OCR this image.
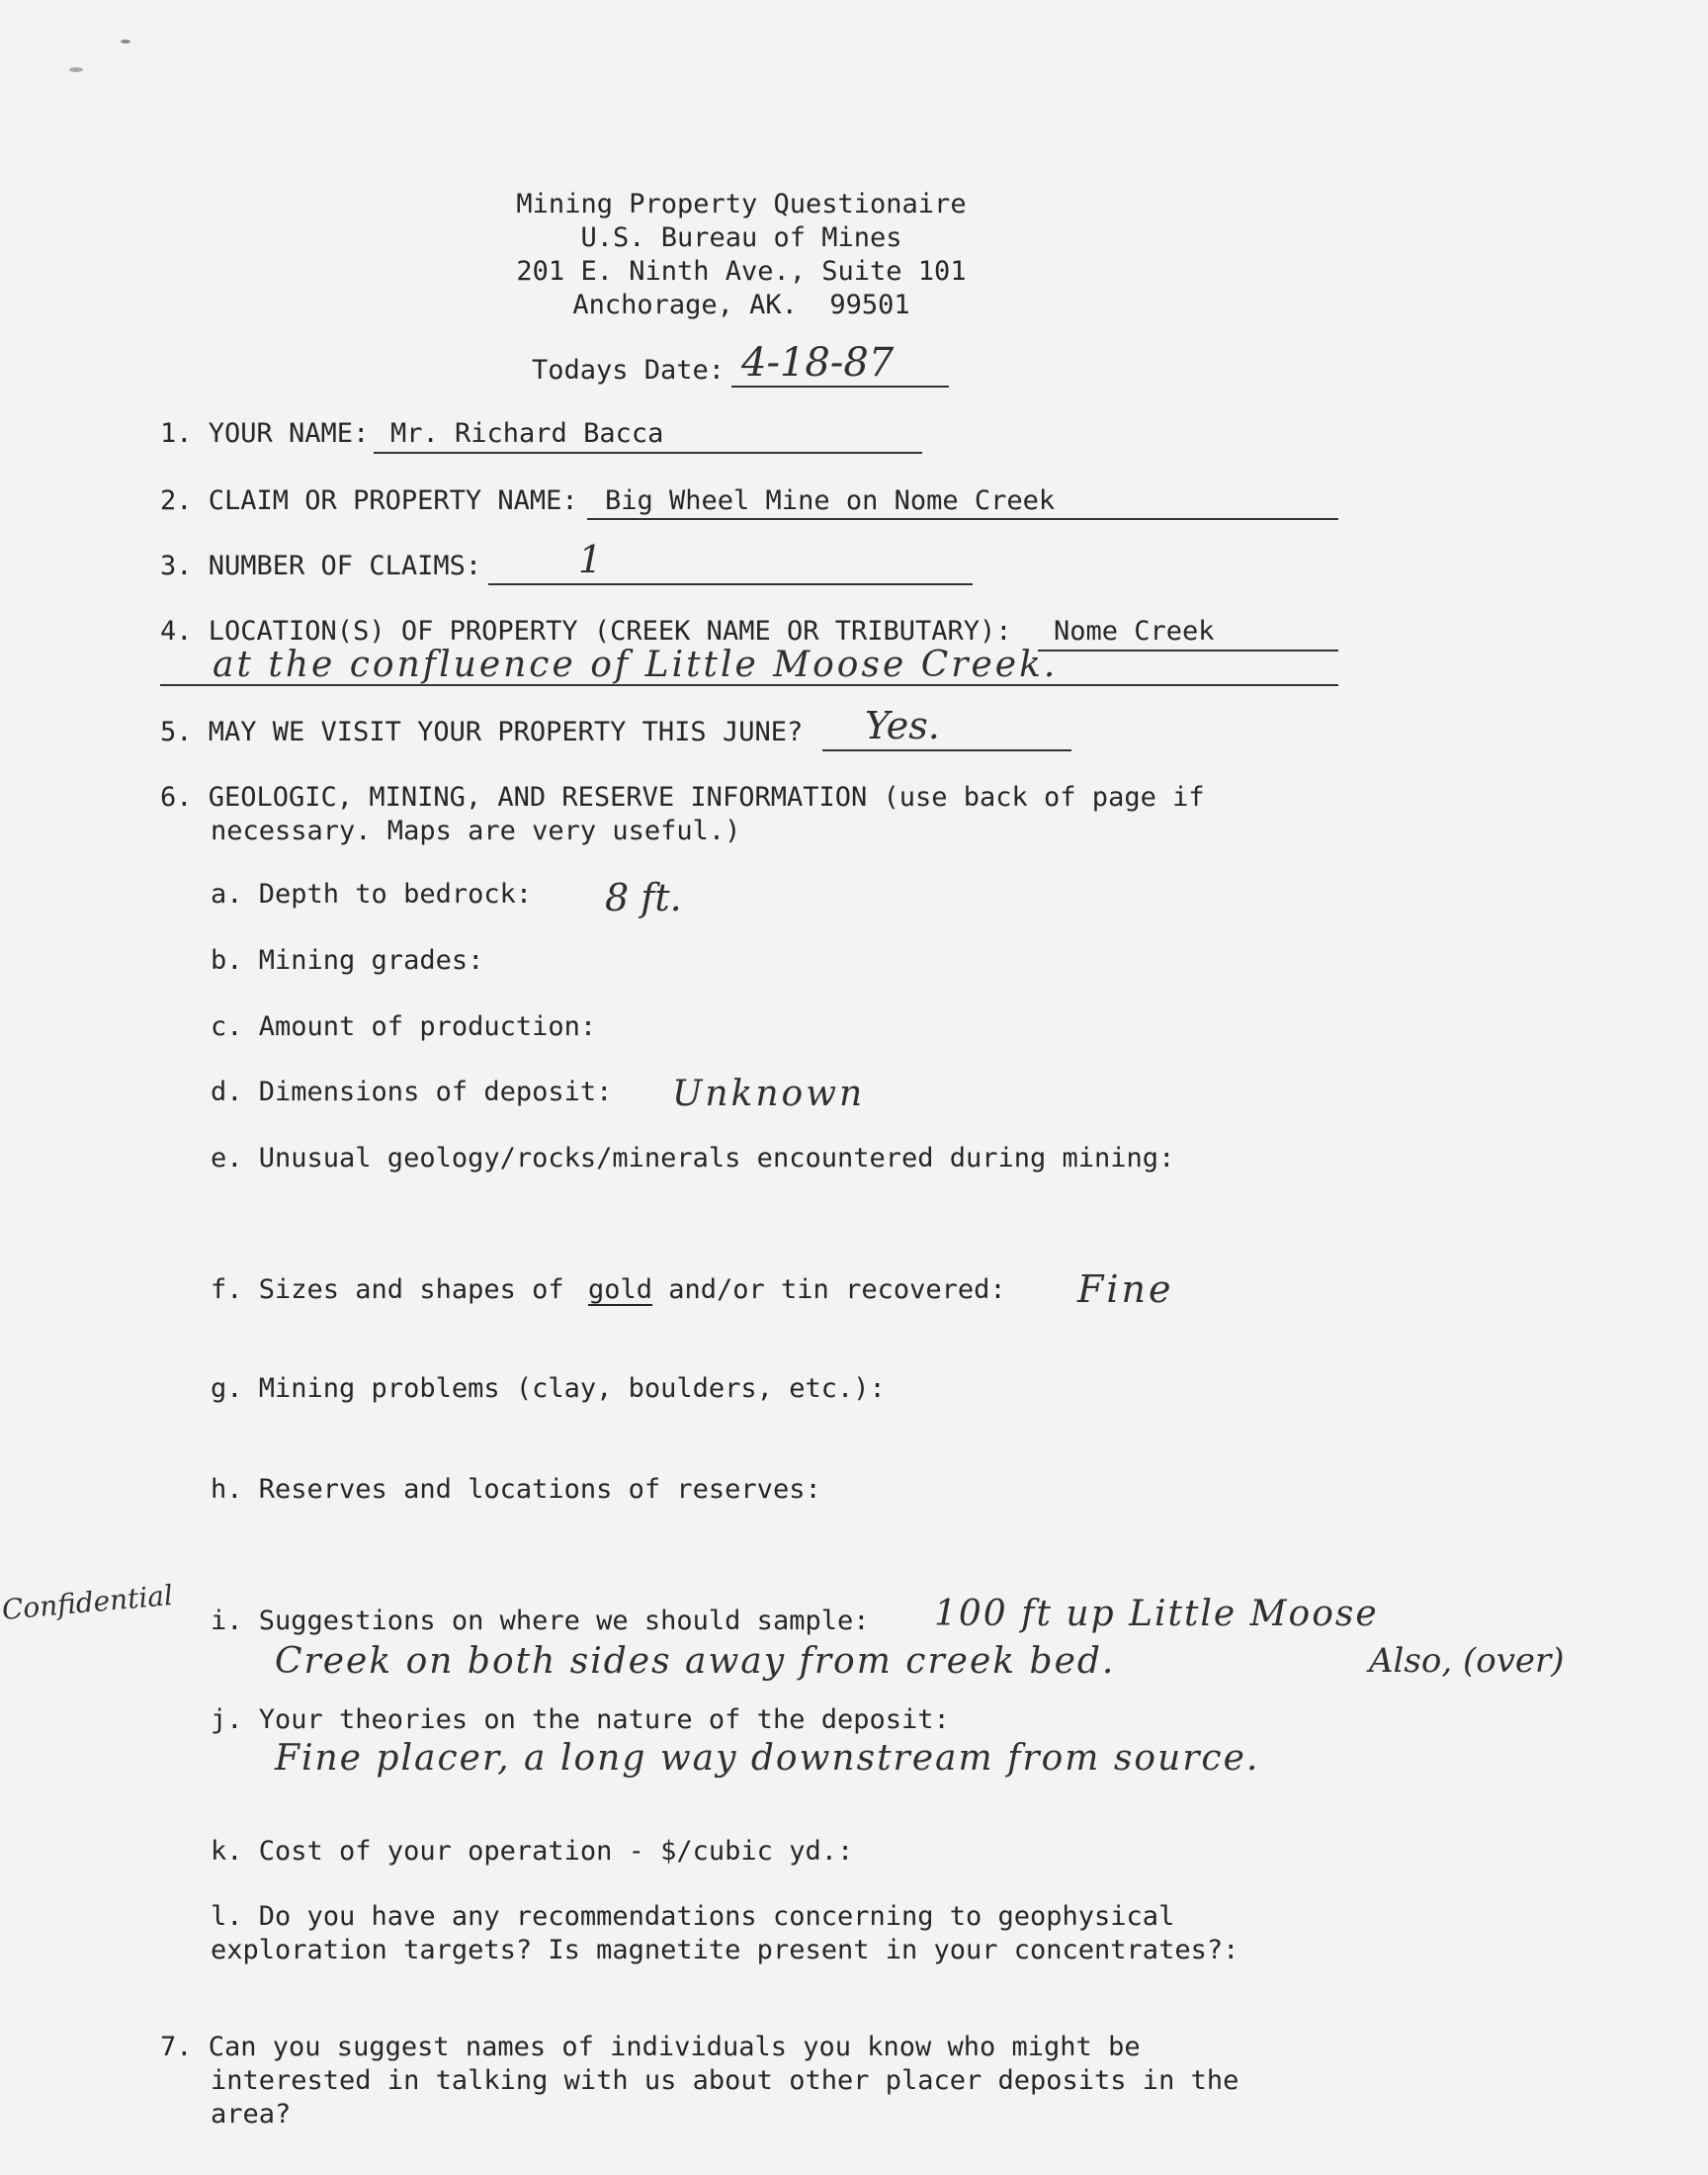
Mining Property Questionaire
U.S. Bureau of Mines
201 E. Ninth Ave., Suite 101
Anchorage, AK.  99501
Todays Date: 4-18-87
1. YOUR NAME: Mr. Richard Bacca
2. CLAIM OR PROPERTY NAME: Big Wheel Mine on Nome Creek
3. NUMBER OF CLAIMS:	1
4. LOCATION(S) OF PROPERTY (CREEK NAME OR TRIBUTARY): Nome Creek
at the confluence of Little Moose Creek.
5. MAY WE VISIT YOUR PROPERTY THIS JUNE? Yes.
6. GEOLOGIC, MINING, AND RESERVE INFORMATION (use back of page if
necessary. Maps are very useful.)
a. Depth to bedrock: 8 ft.
b. Mining grades:
c. Amount of production:
d. Dimensions of deposit: Unknown
e. Unusual geology/rocks/minerals encountered during mining:
f. Sizes and shapes of gold and/or tin recovered: Fine
g. Mining problems (clay, boulders, etc.):
h. Reserves and locations of reserves:
Confidential i. Suggestions on where we should sample: 100 ft up Little Moose
Creek on both sides away from creek bed.	Also, (over)
j. Your theories on the nature of the deposit:
Fine placer, a long way downstream from source.
k. Cost of your operation - $/cubic yd.:
l. Do you have any recommendations concerning to geophysical
exploration targets? Is magnetite present in your concentrates?:
7. Can you suggest names of individuals you know who might be
interested in talking with us about other placer deposits in the
area?
